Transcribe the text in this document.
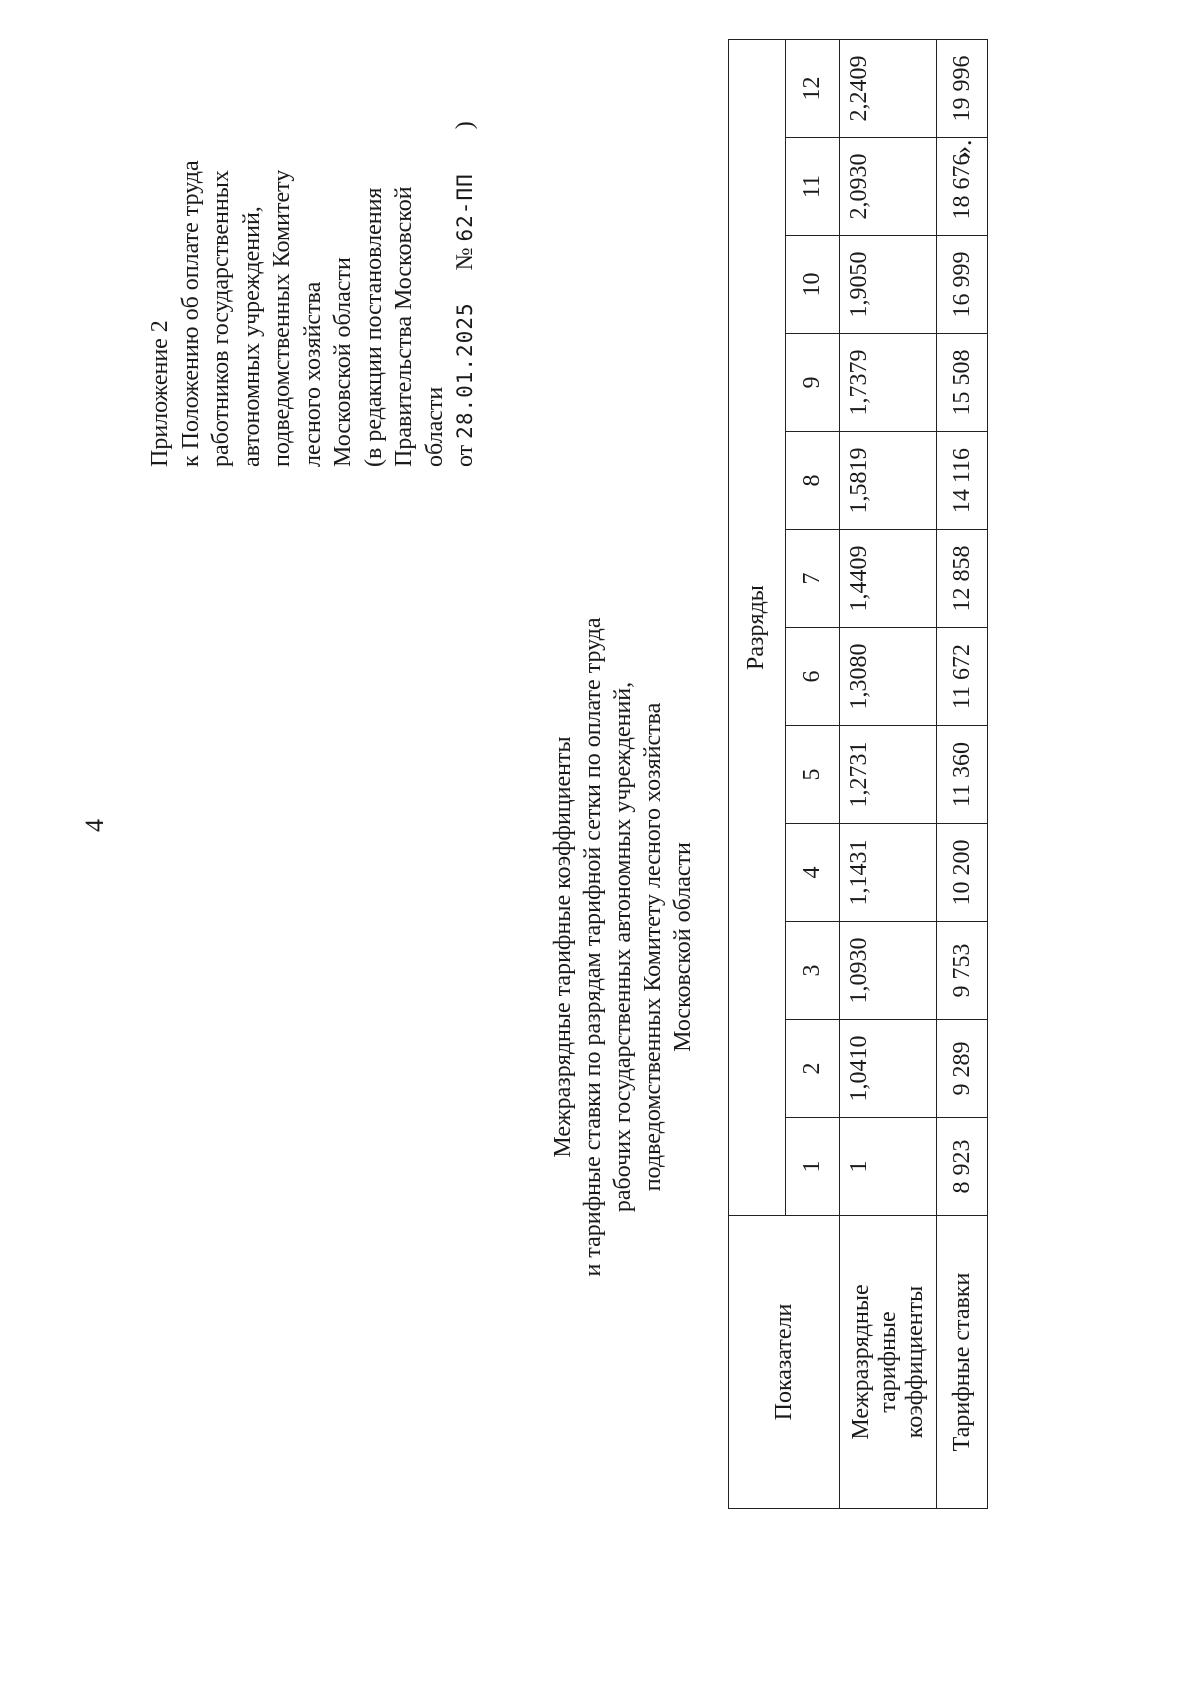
4
Приложение 2 к Положению об оплате труда работников государственных автономных учреждений, подведомственных Комитету лесного хозяйства Московской области (в редакции постановления Правительства Московской области от 28.01.2025 № 62-ПП )
Межразрядные тарифные коэффициенты и тарифные ставки по разрядам тарифной сетки по оплате труда рабочих государственных автономных учреждений, подведомственных Комитету лесного хозяйства Московской области
Показатели	Разряды											
	1	2	3	4	5	6	7	8	9	10	11	12

Межразрядные тарифные коэффициенты	1	1,0410	1,0930	1,1431	1,2731	1,3080	1,4409	1,5819	1,7379	1,9050	2,0930	2,2409
Тарифные ставки	8 923	9 289	9 753	10 200	11 360	11 672	12 858	14 116	15 508	16 999	18 676	19 996
».
